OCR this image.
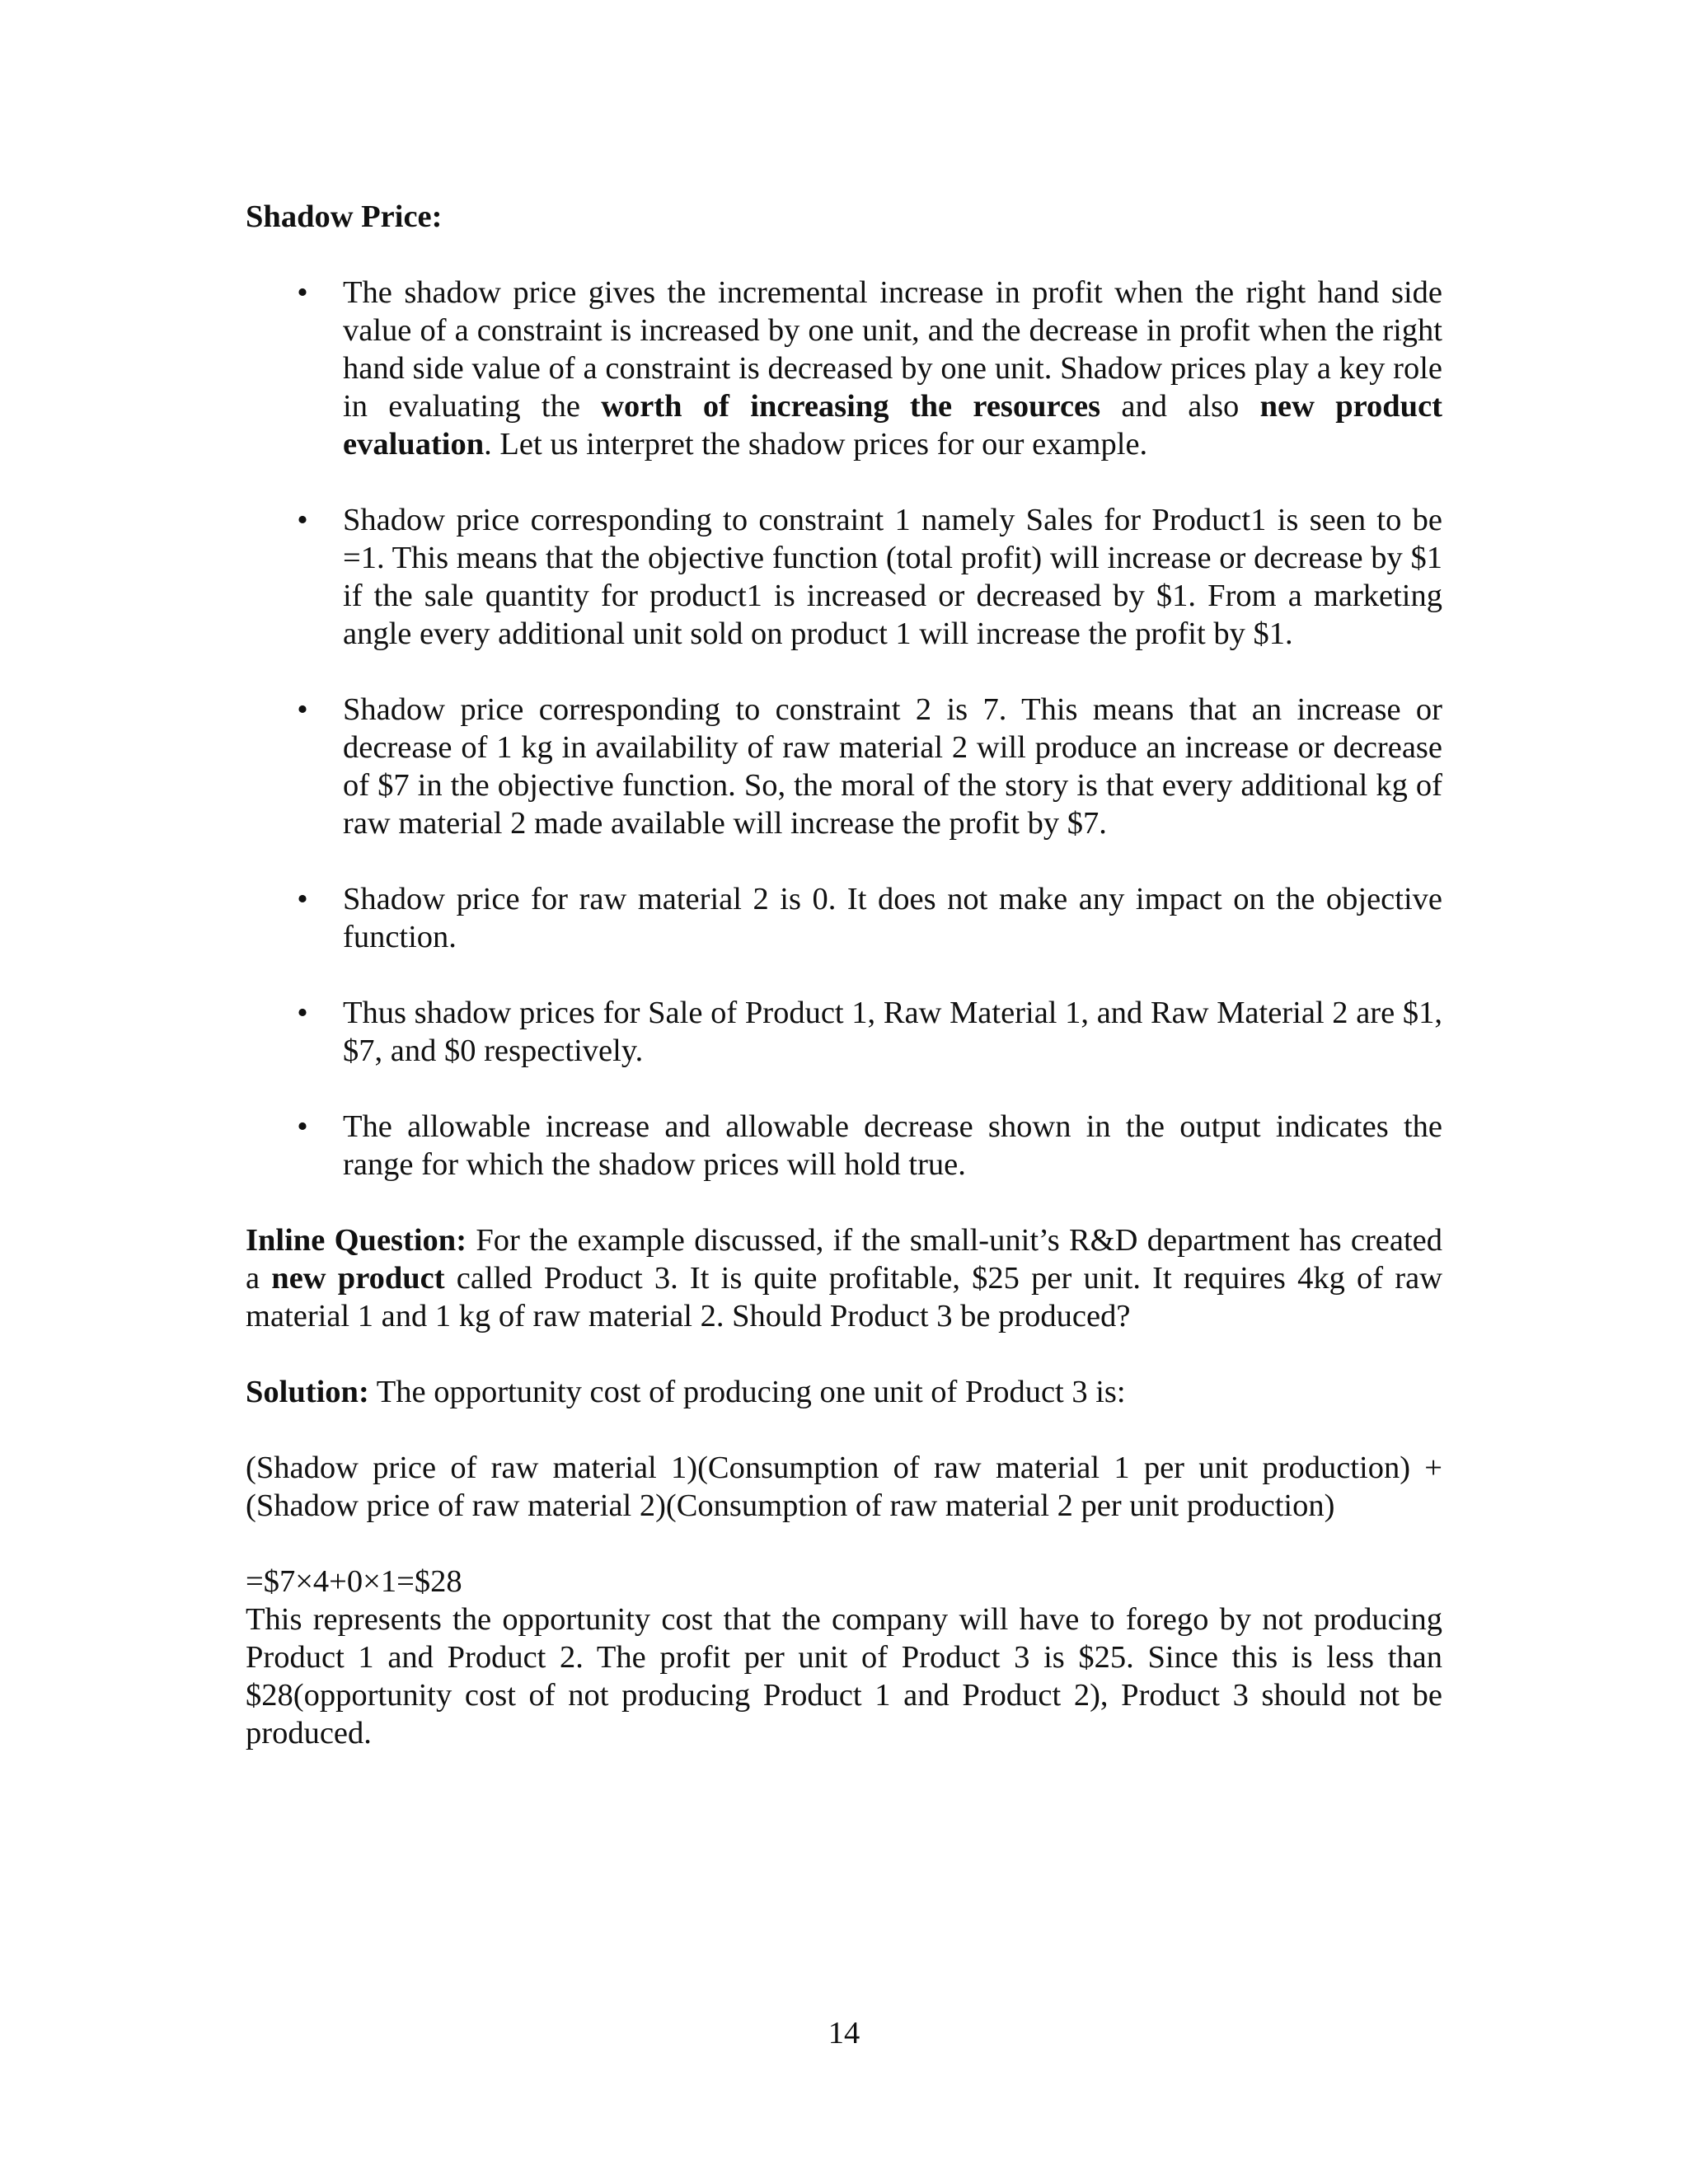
Shadow Price:
• The shadow price gives the incremental increase in profit when the right hand side value of a constraint is increased by one unit, and the decrease in profit when the right hand side value of a constraint is decreased by one unit. Shadow prices play a key role in evaluating the worth of increasing the resources and also new product evaluation. Let us interpret the shadow prices for our example.
• Shadow price corresponding to constraint 1 namely Sales for Product1 is seen to be =1. This means that the objective function (total profit) will increase or decrease by $1 if the sale quantity for product1 is increased or decreased by $1. From a marketing angle every additional unit sold on product 1 will increase the profit by $1.
• Shadow price corresponding to constraint 2 is 7. This means that an increase or decrease of 1 kg in availability of raw material 2 will produce an increase or decrease of $7 in the objective function. So, the moral of the story is that every additional kg of raw material 2 made available will increase the profit by $7.
• Shadow price for raw material 2 is 0. It does not make any impact on the objective function.
• Thus shadow prices for Sale of Product 1, Raw Material 1, and Raw Material 2 are $1, $7, and $0 respectively.
• The allowable increase and allowable decrease shown in the output indicates the range for which the shadow prices will hold true.

Inline Question: For the example discussed, if the small-unit’s R&D department has created a new product called Product 3. It is quite profitable, $25 per unit. It requires 4kg of raw material 1 and 1 kg of raw material 2. Should Product 3 be produced?

Solution: The opportunity cost of producing one unit of Product 3 is:

(Shadow price of raw material 1)(Consumption of raw material 1 per unit production) +(Shadow price of raw material 2)(Consumption of raw material 2 per unit production)

=$7×4+0×1=$28

This represents the opportunity cost that the company will have to forego by not producing Product 1 and Product 2. The profit per unit of Product 3 is $25. Since this is less than $28(opportunity cost of not producing Product 1 and Product 2), Product 3 should not be produced.

14
